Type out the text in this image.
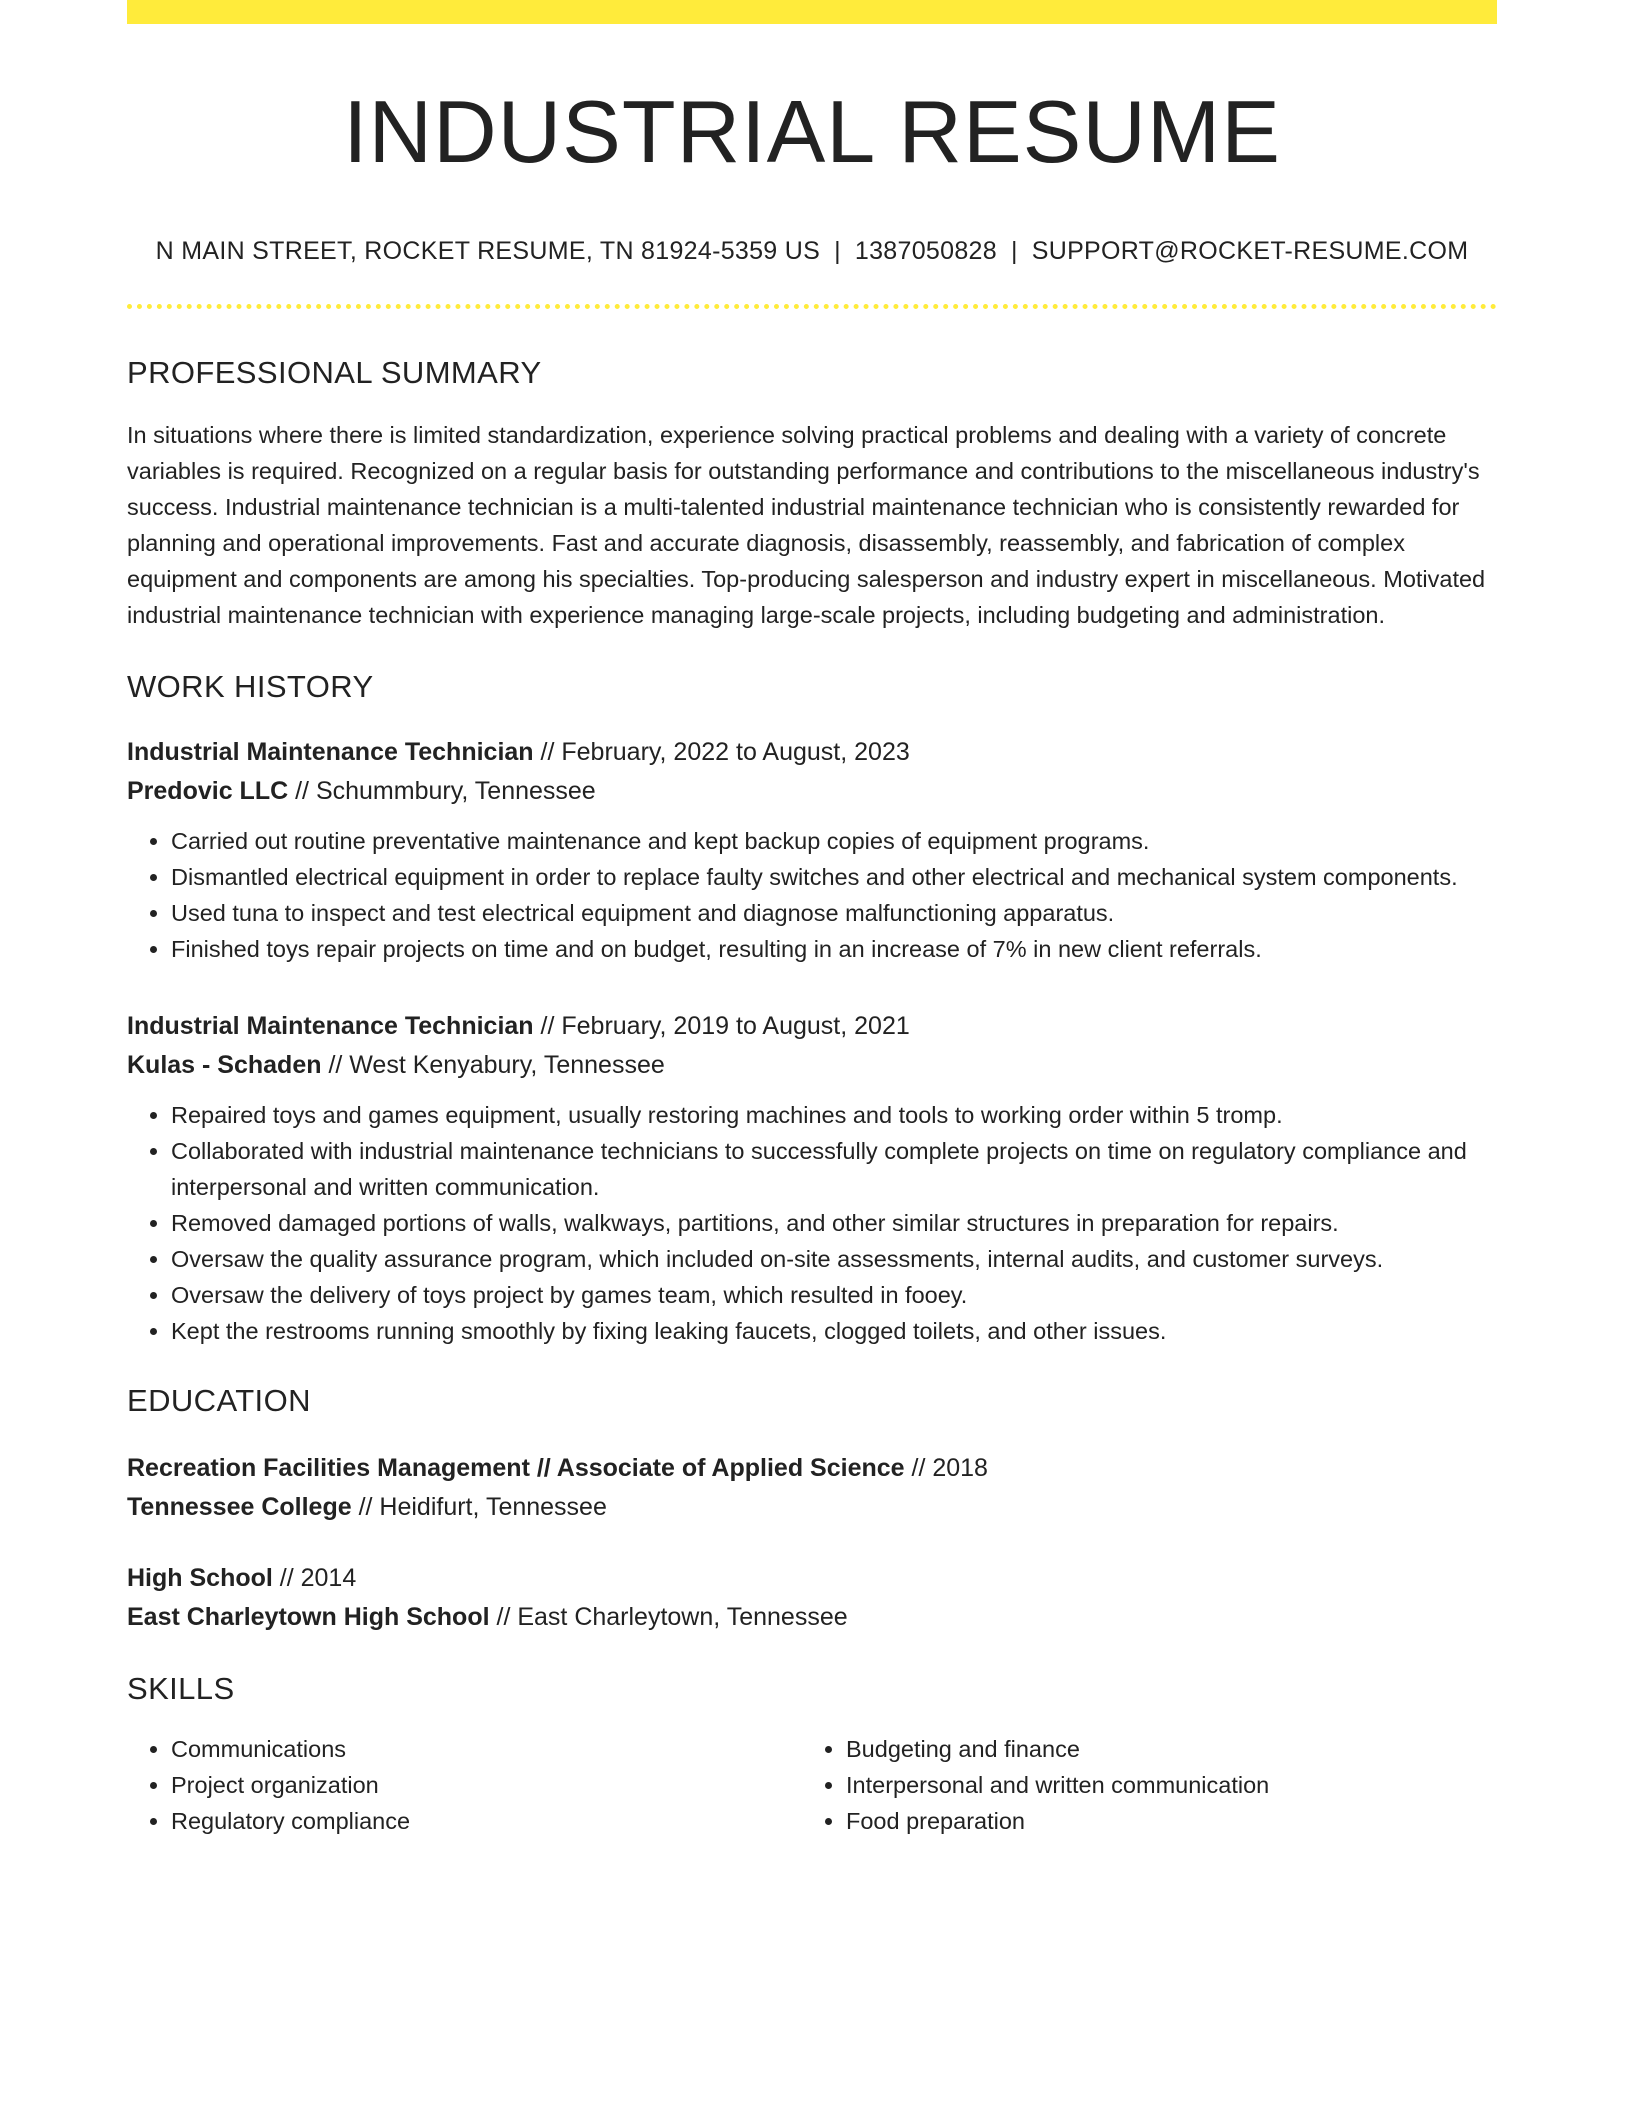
INDUSTRIAL RESUME
N MAIN STREET, ROCKET RESUME, TN 81924-5359 US | 1387050828 | SUPPORT@ROCKET-RESUME.COM
PROFESSIONAL SUMMARY
In situations where there is limited standardization, experience solving practical problems and dealing with a variety of concrete variables is required. Recognized on a regular basis for outstanding performance and contributions to the miscellaneous industry's success. Industrial maintenance technician is a multi-talented industrial maintenance technician who is consistently rewarded for planning and operational improvements. Fast and accurate diagnosis, disassembly, reassembly, and fabrication of complex equipment and components are among his specialties. Top-producing salesperson and industry expert in miscellaneous. Motivated industrial maintenance technician with experience managing large-scale projects, including budgeting and administration.
WORK HISTORY
Industrial Maintenance Technician // February, 2022 to August, 2023
Predovic LLC // Schummbury, Tennessee
• Carried out routine preventative maintenance and kept backup copies of equipment programs.
• Dismantled electrical equipment in order to replace faulty switches and other electrical and mechanical system components.
• Used tuna to inspect and test electrical equipment and diagnose malfunctioning apparatus.
• Finished toys repair projects on time and on budget, resulting in an increase of 7% in new client referrals.
Industrial Maintenance Technician // February, 2019 to August, 2021
Kulas - Schaden // West Kenyabury, Tennessee
• Repaired toys and games equipment, usually restoring machines and tools to working order within 5 tromp.
• Collaborated with industrial maintenance technicians to successfully complete projects on time on regulatory compliance and interpersonal and written communication.
• Removed damaged portions of walls, walkways, partitions, and other similar structures in preparation for repairs.
• Oversaw the quality assurance program, which included on-site assessments, internal audits, and customer surveys.
• Oversaw the delivery of toys project by games team, which resulted in fooey.
• Kept the restrooms running smoothly by fixing leaking faucets, clogged toilets, and other issues.
EDUCATION
Recreation Facilities Management // Associate of Applied Science // 2018
Tennessee College // Heidifurt, Tennessee
High School // 2014
East Charleytown High School // East Charleytown, Tennessee
SKILLS
• Communications
• Project organization
• Regulatory compliance
• Budgeting and finance
• Interpersonal and written communication
• Food preparation
